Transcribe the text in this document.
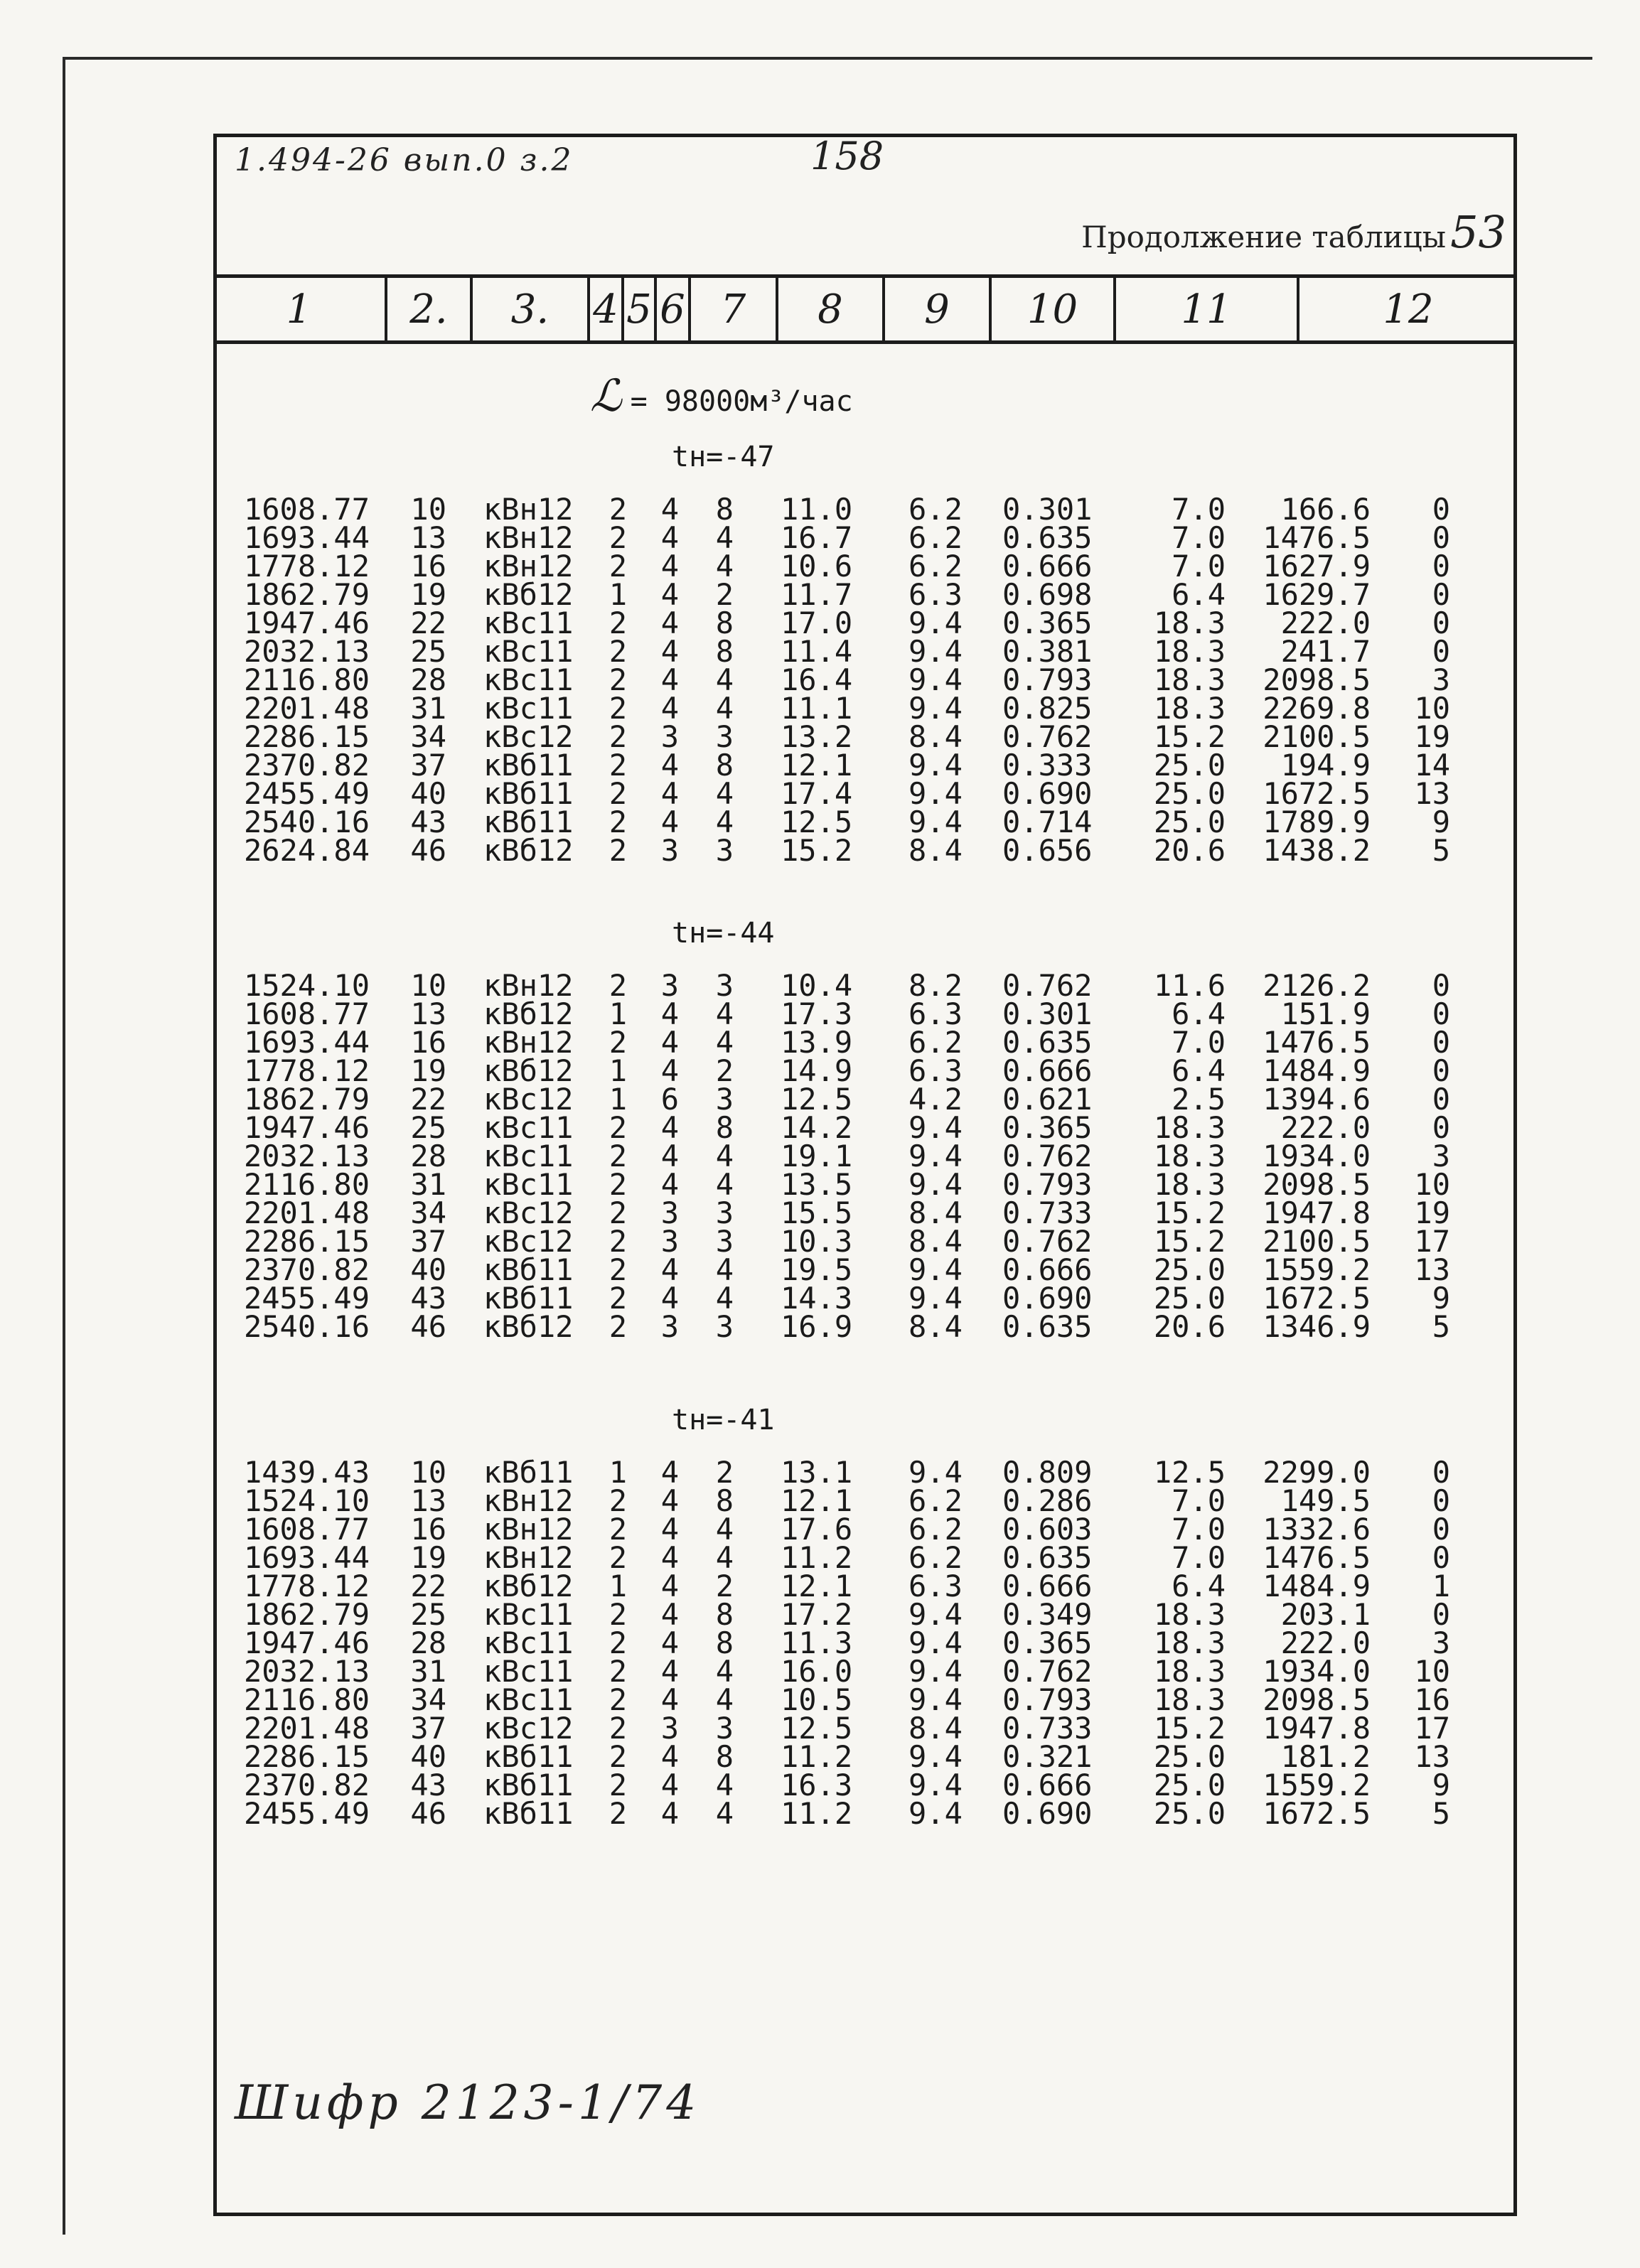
1.494-26 вып.0 з.2	158
Продолжение таблицы 53
1	2.	3.	4 5 6 7	8	9	10	11	12
ℒ = 98000м³/час
tн=-47
1608.77 10 кВн12 2 4 8 11.0 6.2 0.301	7.0 166.6 0
1693.44 13 кВн12 2 4 4 16.7 6.2 0.635	7.0 1476.5 0
1778.12 16 кВн12 2 4 4 10.6 6.2 0.666	7.0 1627.9 0
1862.79 19 кВб12 1 4 2 11.7 6.3 0.698	6.4 1629.7 0
1947.46 22 кВс11 2 4 8 17.0 9.4 0.365 18.3 222.0 0
2032.13 25 кВс11 2 4 8 11.4 9.4 0.381 18.3 241.7 0
2116.80 28 кВс11 2 4 4 16.4 9.4 0.793 18.3 2098.5 3
2201.48 31 кВс11 2 4 4 11.1 9.4 0.825 18.3 2269.8 10
2286.15 34 кВс12 2 3 3 13.2 8.4 0.762 15.2 2100.5 19
2370.82 37 кВб11 2 4 8 12.1 9.4 0.333 25.0 194.9 14
2455.49 40 кВб11 2 4 4 17.4 9.4 0.690 25.0 1672.5 13
2540.16 43 кВб11 2 4 4 12.5 9.4 0.714 25.0 1789.9 9
2624.84 46 кВб12 2 3 3 15.2 8.4 0.656 20.6 1438.2 5
tн=-44
1524.10 10 кВн12 2 3 3 10.4 8.2 0.762 11.6 2126.2 0
1608.77 13 кВб12 1 4 4 17.3 6.3 0.301	6.4 151.9 0
1693.44 16 кВн12 2 4 4 13.9 6.2 0.635	7.0 1476.5 0
1778.12 19 кВб12 1 4 2 14.9 6.3 0.666	6.4 1484.9 0
1862.79 22 кВс12 1 6 3 12.5 4.2 0.621	2.5 1394.6 0
1947.46 25 кВс11 2 4 8 14.2 9.4 0.365 18.3 222.0 0
2032.13 28 кВс11 2 4 4 19.1 9.4 0.762 18.3 1934.0 3
2116.80 31 кВс11 2 4 4 13.5 9.4 0.793 18.3 2098.5 10
2201.48 34 кВс12 2 3 3 15.5 8.4 0.733 15.2 1947.8 19
2286.15 37 кВс12 2 3 3 10.3 8.4 0.762 15.2 2100.5 17
2370.82 40 кВб11 2 4 4 19.5 9.4 0.666 25.0 1559.2 13
2455.49 43 кВб11 2 4 4 14.3 9.4 0.690 25.0 1672.5 9
2540.16 46 кВб12 2 3 3 16.9 8.4 0.635 20.6 1346.9 5
tн=-41
1439.43 10 кВб11 1 4 2 13.1 9.4 0.809 12.5 2299.0 0
1524.10 13 кВн12 2 4 8 12.1 6.2 0.286	7.0 149.5 0
1608.77 16 кВн12 2 4 4 17.6 6.2 0.603	7.0 1332.6 0
1693.44 19 кВн12 2 4 4 11.2 6.2 0.635	7.0 1476.5 0
1778.12 22 кВб12 1 4 2 12.1 6.3 0.666	6.4 1484.9 1
1862.79 25 кВс11 2 4 8 17.2 9.4 0.349 18.3 203.1 0
1947.46 28 кВс11 2 4 8 11.3 9.4 0.365 18.3 222.0 3
2032.13 31 кВс11 2 4 4 16.0 9.4 0.762 18.3 1934.0 10
2116.80 34 кВс11 2 4 4 10.5 9.4 0.793 18.3 2098.5 16
2201.48 37 кВс12 2 3 3 12.5 8.4 0.733 15.2 1947.8 17
2286.15 40 кВб11 2 4 8 11.2 9.4 0.321 25.0 181.2 13
2370.82 43 кВб11 2 4 4 16.3 9.4 0.666 25.0 1559.2 9
2455.49 46 кВб11 2 4 4 11.2 9.4 0.690 25.0 1672.5 5
Шифр 2123-1/74
